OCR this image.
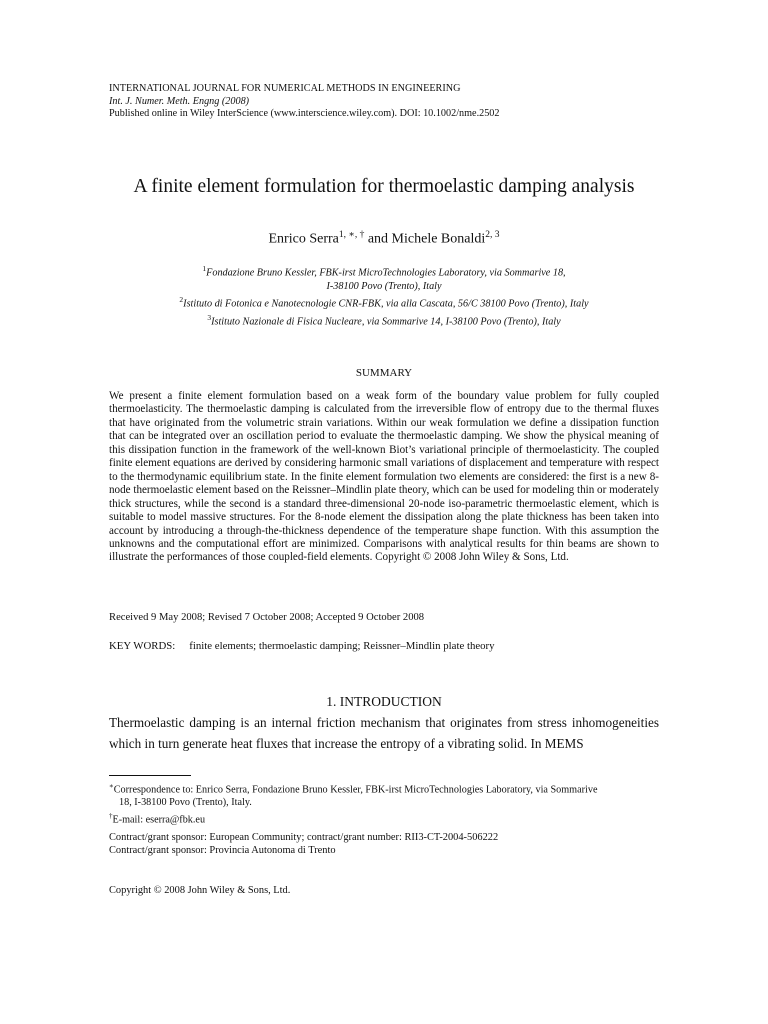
INTERNATIONAL JOURNAL FOR NUMERICAL METHODS IN ENGINEERING
Int. J. Numer. Meth. Engng (2008)
Published online in Wiley InterScience (www.interscience.wiley.com). DOI: 10.1002/nme.2502
A finite element formulation for thermoelastic damping analysis
Enrico Serra$^{1, ∗, \dagger}$ and Michele Bonaldi$^{2, 3}$
$^1$Fondazione Bruno Kessler, FBK-irst MicroTechnologies Laboratory, via Sommarive 18,
I-38100 Povo (Trento), Italy
$^2$Istituto di Fotonica e Nanotecnologie CNR-FBK, via alla Cascata, 56/C 38100 Povo (Trento), Italy
$^3$Istituto Nazionale di Fisica Nucleare, via Sommarive 14, I-38100 Povo (Trento), Italy
SUMMARY
We present a finite element formulation based on a weak form of the boundary value problem for fully coupled thermoelasticity. The thermoelastic damping is calculated from the irreversible flow of entropy due to the thermal fluxes that have originated from the volumetric strain variations. Within our weak formulation we define a dissipation function that can be integrated over an oscillation period to evaluate the thermoelastic damping. We show the physical meaning of this dissipation function in the framework of the well-known Biot’s variational principle of thermoelasticity. The coupled finite element equations are derived by considering harmonic small variations of displacement and temperature with respect to the thermodynamic equilibrium state. In the finite element formulation two elements are considered: the first is a new 8-node thermoelastic element based on the Reissner–Mindlin plate theory, which can be used for modeling thin or moderately thick structures, while the second is a standard three-dimensional 20-node iso-parametric thermoelastic element, which is suitable to model massive structures. For the 8-node element the dissipation along the plate thickness has been taken into account by introducing a through-the-thickness dependence of the temperature shape function. With this assumption the unknowns and the computational effort are minimized. Comparisons with analytical results for thin beams are shown to illustrate the performances of those coupled-field elements. Copyright © 2008 John Wiley & Sons, Ltd.
Received 9 May 2008; Revised 7 October 2008; Accepted 9 October 2008
KEY WORDS: finite elements; thermoelastic damping; Reissner–Mindlin plate theory
1. INTRODUCTION
Thermoelastic damping is an internal friction mechanism that originates from stress inhomogeneities which in turn generate heat fluxes that increase the entropy of a vibrating solid. In MEMS
∗Correspondence to: Enrico Serra, Fondazione Bruno Kessler, FBK-irst MicroTechnologies Laboratory, via Sommarive
18, I-38100 Povo (Trento), Italy.
†E-mail: eserra@fbk.eu
Contract/grant sponsor: European Community; contract/grant number: RII3-CT-2004-506222
Contract/grant sponsor: Provincia Autonoma di Trento
Copyright © 2008 John Wiley & Sons, Ltd.
